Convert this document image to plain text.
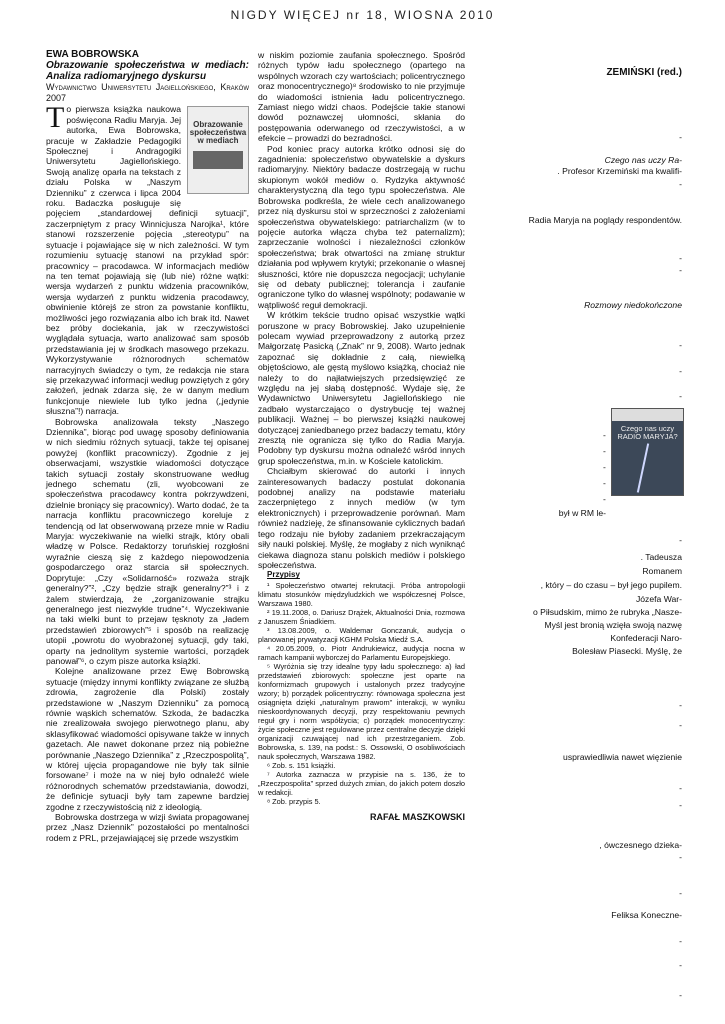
NIGDY WIĘCEJ nr 18, WIOSNA 2010

EWA BOBROWSKA

Obrazowanie społeczeństwa w mediach: Analiza radiomaryjnego dyskursu

Wydawnictwo Uniwersytetu Jagiellońskiego, Kraków 2007

Obrazowanie społeczeństwa w mediach
T o pierwsza książka naukowa poświęcona Radiu Maryja. Jej autorka, Ewa Bobrowska, pracuje w Zakładzie Pedagogiki Społecznej i Andragogiki Uniwersytetu Jagiellońskiego. Swoją analizę oparła na tekstach z działu Polska w „Naszym Dzienniku” z czerwca i lipca 2004 roku. Badaczka posługuje się pojęciem „standardowej definicji sytuacji”, zaczerpniętym z pracy Winnicjusza Narojka¹, które stanowi rozszerzenie pojęcia „stereotypu” na sytuacje i pojawiające się w nich zależności. W tym rozumieniu sytuację stanowi na przykład spór: pracownicy – pracodawca. W informacjach mediów na ten temat pojawiają się (lub nie) różne wątki: wersja wydarzeń z punktu widzenia pracowników, wersja wydarzeń z punktu widzenia pracodawcy, obwinienie którejś ze stron za powstanie konfliktu, możliwości jego rozwiązania albo ich brak itd. Nawet bez próby dociekania, jak w rzeczywistości wyglądała sytuacja, warto analizować sam sposób przedstawiania jej w środkach masowego przekazu. Wykorzystywanie różnorodnych schematów narracyjnych świadczy o tym, że redakcja nie stara się przekazywać informacji według powziętych z góry założeń, jednak zdarza się, że w danym medium funkcjonuje niewiele lub tylko jedna („jedynie słuszna”!) narracja.

Bobrowska analizowała teksty „Naszego Dziennika”, biorąc pod uwagę sposoby definiowania w nich siedmiu różnych sytuacji, także tej opisanej powyżej (konflikt pracowniczy). Zgodnie z jej obserwacjami, wszystkie wiadomości dotyczące takich sytuacji zostały skonstruowane według jednego schematu (zli, wyobcowani ze społeczeństwa pracodawcy kontra pokrzywdzeni, dzielnie broniący się pracownicy). Warto dodać, że ta narracja konfliktu pracowniczego koreluje z tendencją od lat obserwowaną przeze mnie w Radiu Maryja: wyczekiwanie na wielki strajk, który obali władzę w Polsce. Redaktorzy toruńskiej rozgłośni wyraźnie cieszą się z każdego niepowodzenia gospodarczego oraz starcia sił społecznych. Doprytuje: „Czy «Solidarność» rozważa strajk generalny?”², „Czy będzie strajk generalny?”³ i z żalem stwierdzają, że „zorganizowanie strajku generalnego jest niezwykle trudne”⁴. Wyczekiwanie na taki wielki bunt to przejaw tęsknoty za „ładem przedstawień zbiorowych”⁵ i sposób na realizację utopii „powrotu do wyobrażonej sytuacji, gdy taki, oparty na jednolitym systemie wartości, porządek panował”⁶, o czym pisze autorka książki.

Kolejne analizowane przez Ewę Bobrowską sytuacje (między innymi konflikty związane ze służbą zdrowia, zagrożenie dla Polski) zostały przedstawione w „Naszym Dzienniku” za pomocą równie wąskich schematów. Szkoda, że badaczka nie zrealizowała swojego pierwotnego planu, aby sklasyfikować wiadomości opisywane także w innych gazetach. Ale nawet dokonane przez nią pobieżne porównanie „Naszego Dziennika” z „Rzeczpospolitą”, w której ujęcia propagandowe nie były tak silnie forsowane⁷ i może na w niej było odnaleźć wiele różnorodnych schematów przedstawiania, dowodzi, że definicje sytuacji były tam zapewne bardziej zgodne z rzeczywistością niż z ideologią.

Bobrowska dostrzega w wizji świata propagowanej przez „Nasz Dziennik” pozostałości po mentalności rodem z PRL, przejawiającej się przede wszystkim

w niskim poziomie zaufania społecznego. Spośród różnych typów ładu społecznego (opartego na wspólnych wzorach czy wartościach; policentrycznego oraz monocentrycznego)⁸ środowisko to nie przyjmuje do wiadomości istnienia ładu policentrycznego. Zamiast niego widzi chaos. Podejście takie stanowi dowód poznawczej ułomności, skłania do postępowania oderwanego od rzeczywistości, a w efekcie – prowadzi do bezradności.

Pod koniec pracy autorka krótko odnosi się do zagadnienia: społeczeństwo obywatelskie a dyskurs radiomaryjny. Niektóry badacze dostrzegają w ruchu skupionym wokół mediów o. Rydzyka aktywność charakterystyczną dla tego typu społeczeństwa. Ale Bobrowska podkreśla, że wiele cech analizowanego przez nią dyskursu stoi w sprzeczności z założeniami społeczeństwa obywatelskiego: patriarchalizm (w to pojęcie autorka włącza chyba też paternalizm); zaprzeczanie wolności i niezależności członków społeczeństwa; brak otwartości na zmianę struktur działania pod wpływem krytyki; przekonanie o własnej słuszności, które nie dopuszcza negocjacji; uchylanie się od debaty publicznej; tolerancja i zaufanie ograniczone tylko do własnej wspólnoty; podawanie w wątpliwość reguł demokracji.

W krótkim tekście trudno opisać wszystkie wątki poruszone w pracy Bobrowskiej. Jako uzupełnienie polecam wywiad przeprowadzony z autorką przez Małgorzatę Pasicką („Znak” nr 9, 2008). Warto jednak zapoznać się dokładnie z całą, niewielką objętościowo, ale gęstą myślowo książką, chociaż nie należy to do najłatwiejszych przedsięwzięć ze względu na jej słabą dostępność. Wydaje się, że Wydawnictwo Uniwersytetu Jagiellońskiego nie zadbało wystarczająco o dystrybucję tej ważnej publikacji. Ważnej – bo pierwszej książki naukowej dotyczącej zaniedbanego przez badaczy tematu, który zresztą nie ogranicza się tylko do Radia Maryja. Podobny typ dyskursu można odnaleźć wśród innych grup społeczeństwa, m.in. w Kościele katolickim.

Chciałbym skierować do autorki i innych zainteresowanych badaczy postulat dokonania podobnej analizy na podstawie materiału zaczerpniętego z innych mediów (w tym elektronicznych) i przeprowadzenie porównań. Mam również nadzieję, że sfinansowanie cyklicznych badań tego rodzaju nie byłoby zadaniem przekraczającym siły nauki polskiej. Myślę, że mogłaby z nich wyniknąć ciekawa diagnoza stanu polskich mediów i polskiego społeczeństwa.

Przypisy

¹ Społeczeństwo otwartej rekrutacji. Próba antropologii klimatu stosunków międzyludzkich we współczesnej Polsce, Warszawa 1980.

² 19.11.2008, o. Dariusz Drążek, Aktualności Dnia, rozmowa z Januszem Śniadkiem.

³ 13.08.2009, o. Waldemar Gonczaruk, audycja o planowanej prywatyzacji KGHM Polska Miedź S.A.

⁴ 20.05.2009, o. Piotr Andrukiewicz, audycja nocna w ramach kampanii wyborczej do Parlamentu Europejskiego.

⁵ Wyróżnia się trzy idealne typy ładu społecznego: a) ład przedstawień zbiorowych: społeczne jest oparte na konformizmach grupowych i ustalonych przez tradycyjne wzory; b) porządek policentryczny: równowaga społeczna jest osiągnięta dzięki „naturalnym prawom” interakcji, w wyniku nieskoordynowanych decyzji, przy respektowaniu pewnych reguł gry i norm współżycia; c) porządek monocentryczny: życie społeczne jest regulowane przez centralne decyzje dzięki organizacji czuwającej nad ich przestrzeganiem. Zob. Bobrowska, s. 139, na podst.: S. Ossowski, O osobliwościach nauk społecznych, Warszawa 1982.

⁶ Zob. s. 151 książki.

⁷ Autorka zaznacza w przypisie na s. 136, że to „Rzeczpospolita” sprzed dużych zmian, do jakich potem doszło w redakcji.

⁸ Zob. przypis 5.

RAFAŁ MASZKOWSKI
ZEMIŃSKI (red.)
-
Czego nas uczy Ra-
. Profesor Krzemiński ma kwalifi-
-
Radia Maryja na poglądy respondentów.
-
-
Rozmowy niedokończone
-
-
-
-
-
-
-
-
był w RM le-
-
. Tadeusza
Romanem
, który – do czasu – był jego pupilem.
Józefa War-
o Piłsudskim, mimo że rubryka „Nasze-
Myśl jest bronią wzięła swoją nazwę
Konfederacji Naro-
Bolesław Piasecki. Myślę, że
-
-
usprawiedliwia nawet więzienie
-
-
, ówczesnego dzieka-
-
-
Feliksa Koneczne-
-
-
-
Czego nas uczy RADIO MARYJA?
